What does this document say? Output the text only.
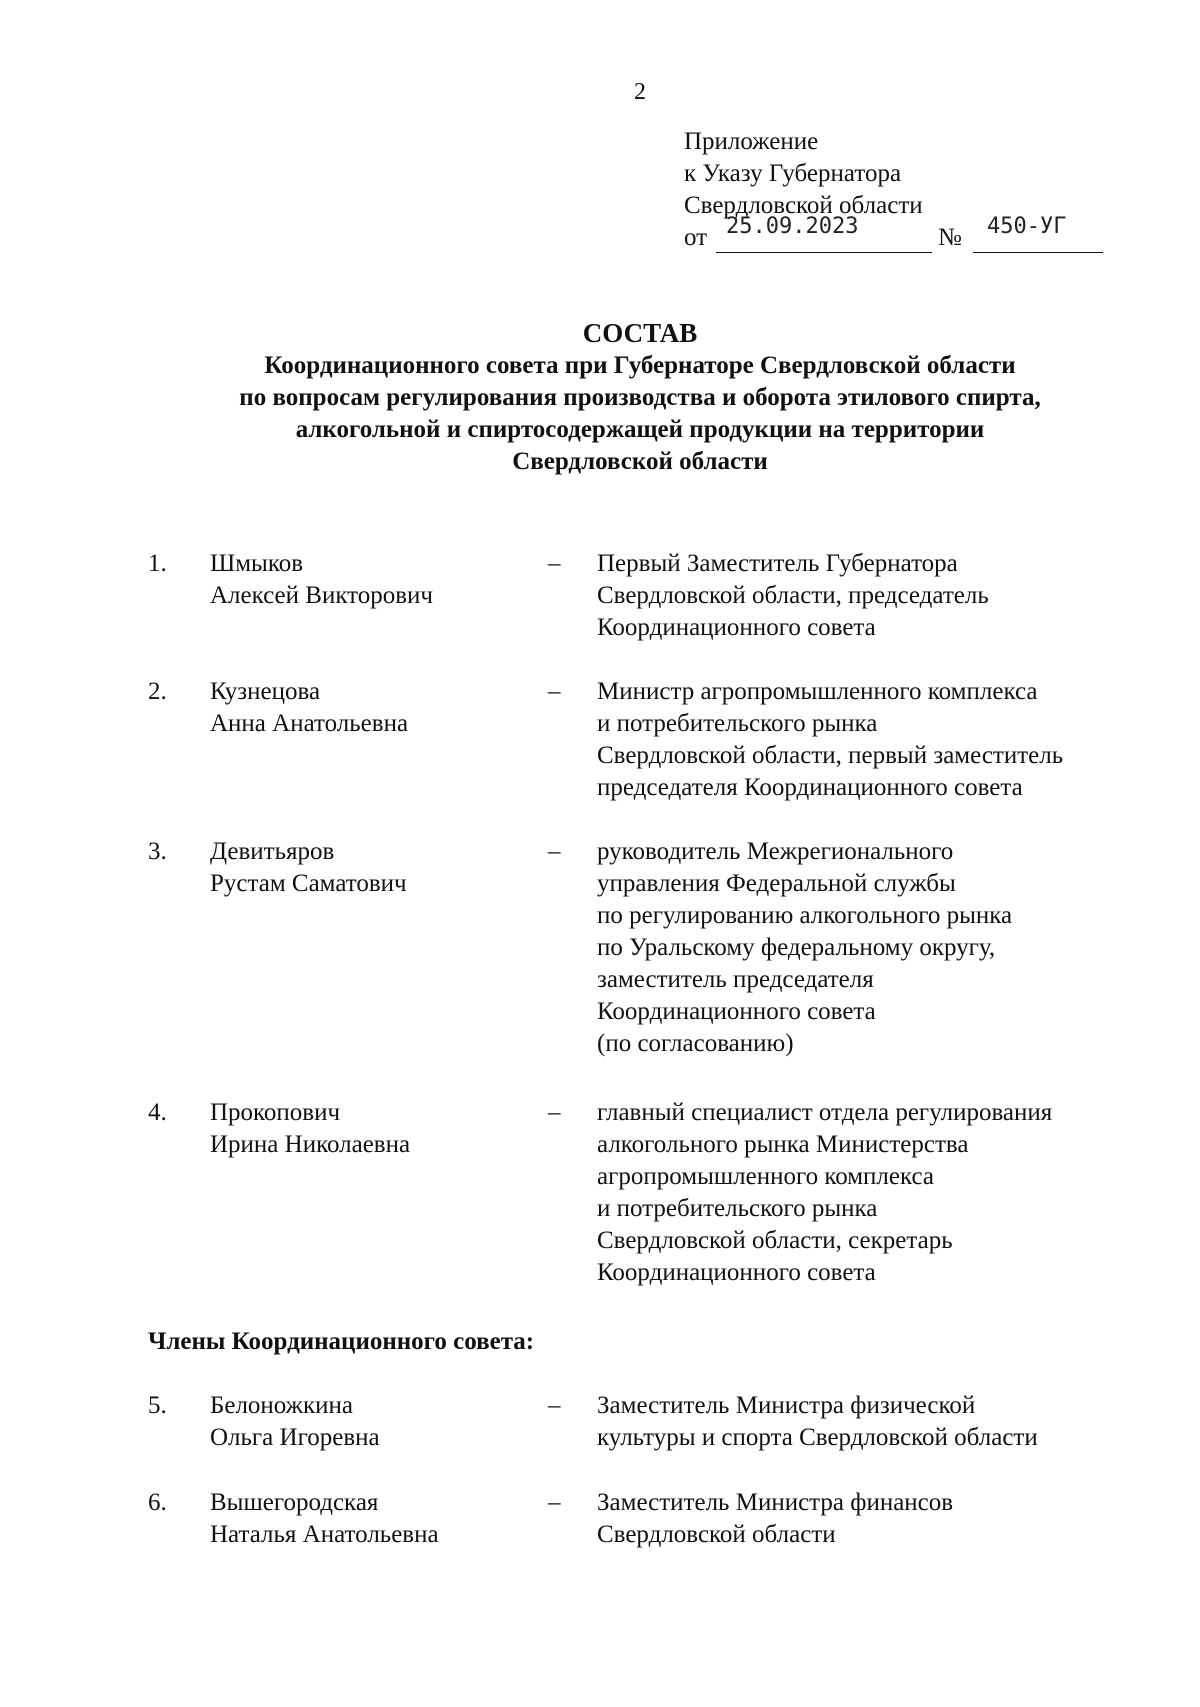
2
Приложение
к Указу Губернатора
Свердловской области
от 25.09.2023	№	450-УГ
СОСТАВ
Координационного совета при Губернаторе Свердловской области
по вопросам регулирования производства и оборота этилового спирта,
алкогольной и спиртосодержащей продукции на территории
Свердловской области
1. Шмыков
Алексей Викторович
– Первый Заместитель Губернатора
Свердловской области, председатель
Координационного совета
2. Кузнецова
Анна Анатольевна
– Министр агропромышленного комплекса
и потребительского рынка
Свердловской области, первый заместитель
председателя Координационного совета
3. Девитьяров
Рустам Саматович
– руководитель Межрегионального
управления Федеральной службы
по регулированию алкогольного рынка
по Уральскому федеральному округу,
заместитель председателя
Координационного совета
(по согласованию)
4. Прокопович
Ирина Николаевна
– главный специалист отдела регулирования
алкогольного рынка Министерства
агропромышленного комплекса
и потребительского рынка
Свердловской области, секретарь
Координационного совета
Члены Координационного совета:
5. Белоножкина
Ольга Игоревна
– Заместитель Министра физической
культуры и спорта Свердловской области
6. Вышегородская
Наталья Анатольевна
– Заместитель Министра финансов
Свердловской области
